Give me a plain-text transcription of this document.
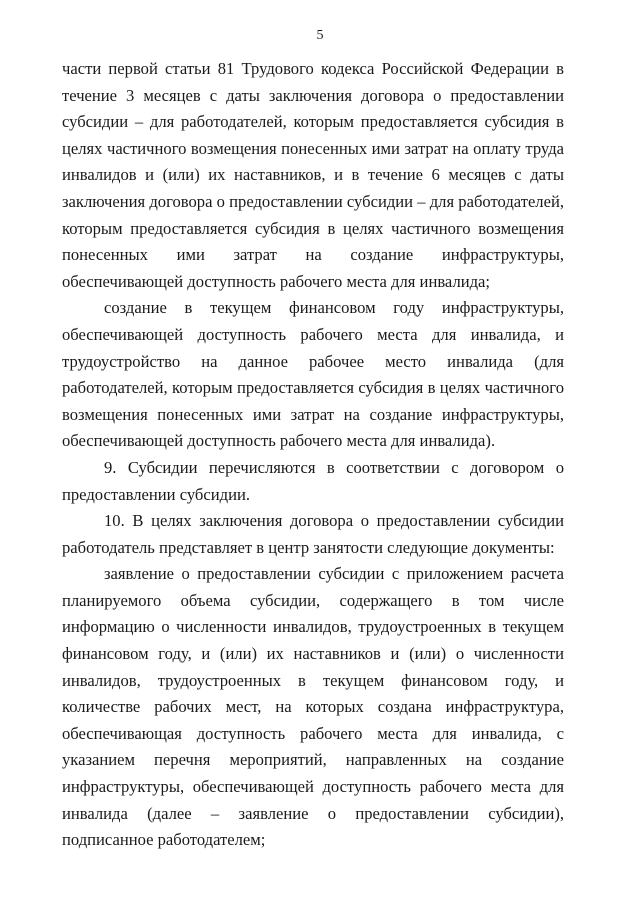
5

части первой статьи 81 Трудового кодекса Российской Федерации в течение 3 месяцев с даты заключения договора о предоставлении субсидии – для работодателей, которым предоставляется субсидия в целях частичного возмещения понесенных ими затрат на оплату труда инвалидов и (или) их наставников, и в течение 6 месяцев с даты заключения договора о предоставлении субсидии – для работодателей, которым предоставляется субсидия в целях частичного возмещения понесенных ими затрат на создание инфраструктуры, обеспечивающей доступность рабочего места для инвалида;

создание в текущем финансовом году инфраструктуры, обеспечивающей доступность рабочего места для инвалида, и трудоустройство на данное рабочее место инвалида (для работодателей, которым предоставляется субсидия в целях частичного возмещения понесенных ими затрат на создание инфраструктуры, обеспечивающей доступность рабочего места для инвалида).

9. Субсидии перечисляются в соответствии с договором о предоставлении субсидии.

10. В целях заключения договора о предоставлении субсидии работодатель представляет в центр занятости следующие документы:

заявление о предоставлении субсидии с приложением расчета планируемого объема субсидии, содержащего в том числе информацию о численности инвалидов, трудоустроенных в текущем финансовом году, и (или) их наставников и (или) о численности инвалидов, трудоустроенных в текущем финансовом году, и количестве рабочих мест, на которых создана инфраструктура, обеспечивающая доступность рабочего места для инвалида, с указанием перечня мероприятий, направленных на создание инфраструктуры, обеспечивающей доступность рабочего места для инвалида (далее – заявление о предоставлении субсидии), подписанное работодателем;
